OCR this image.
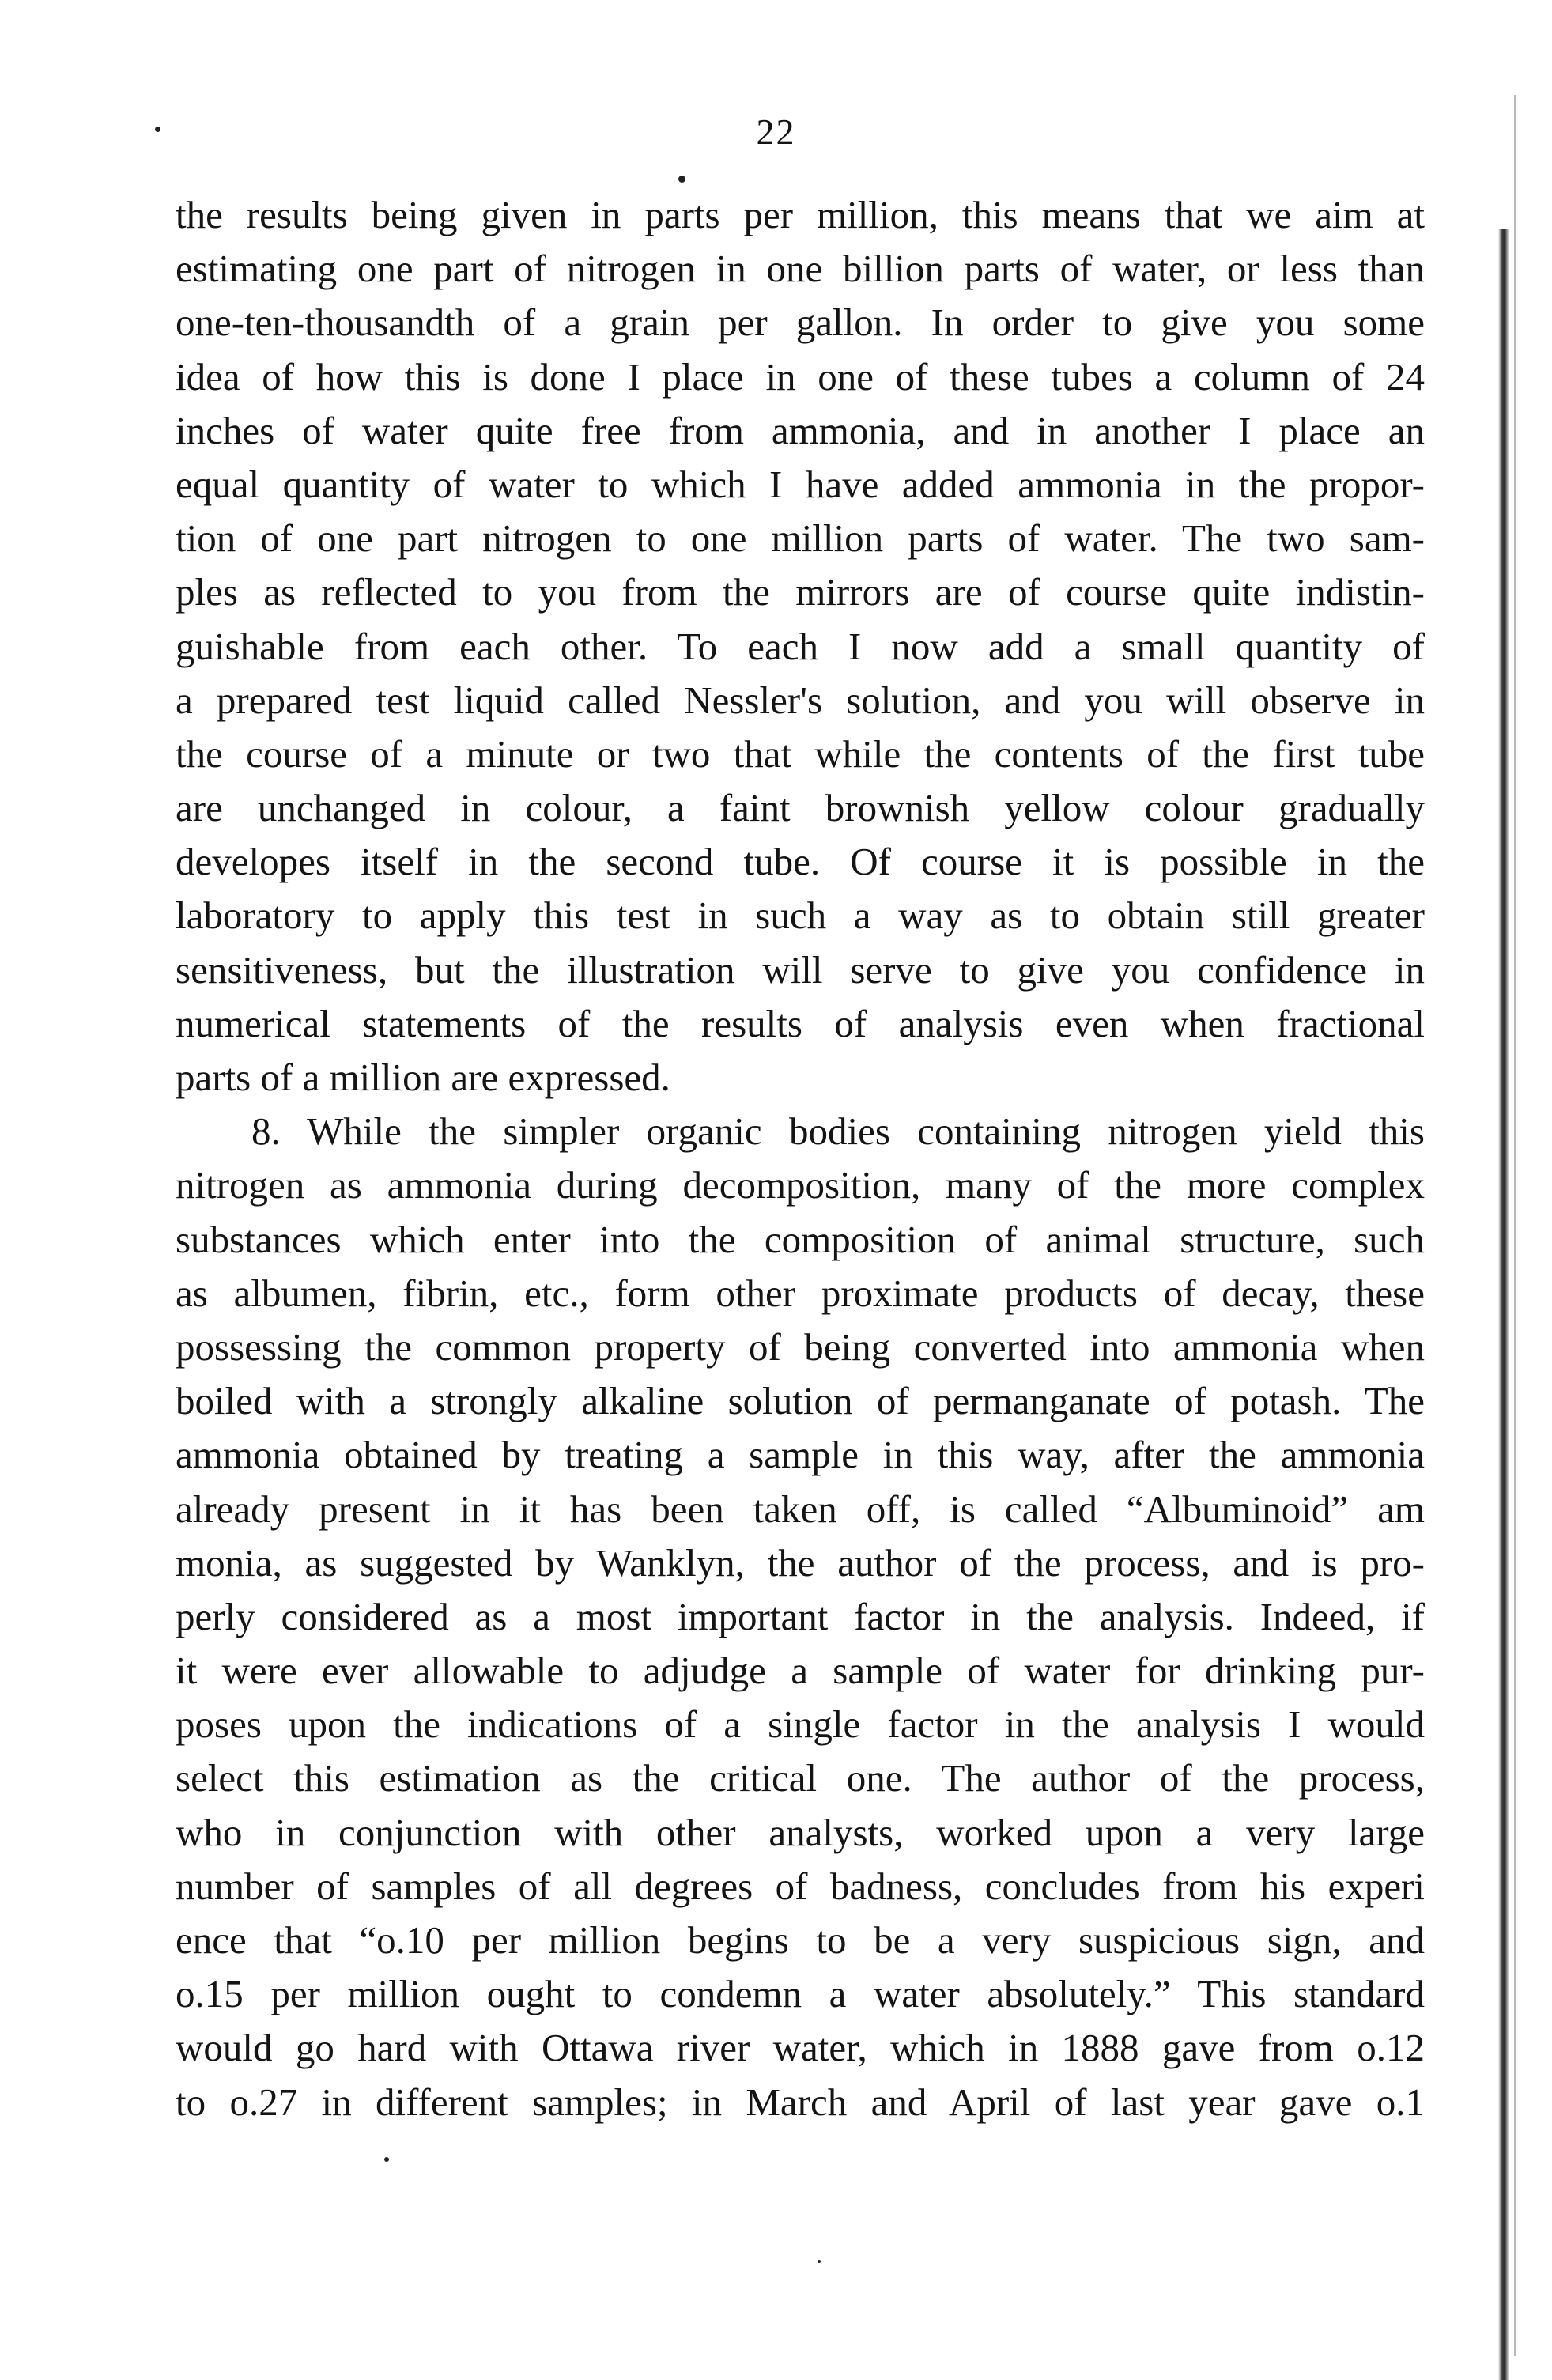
22
the results being given in parts per million, this means that we aim at
estimating one part of nitrogen in one billion parts of water, or less than
one-ten-thousandth of a grain per gallon. In order to give you some
idea of how this is done I place in one of these tubes a column of 24
inches of water quite free from ammonia, and in another I place an
equal quantity of water to which I have added ammonia in the propor-
tion of one part nitrogen to one million parts of water. The two sam-
ples as reflected to you from the mirrors are of course quite indistin-
guishable from each other. To each I now add a small quantity of
a prepared test liquid called Nessler's solution, and you will observe in
the course of a minute or two that while the contents of the first tube
are unchanged in colour, a faint brownish yellow colour gradually
developes itself in the second tube. Of course it is possible in the
laboratory to apply this test in such a way as to obtain still greater
sensitiveness, but the illustration will serve to give you confidence in
numerical statements of the results of analysis even when fractional
parts of a million are expressed.
8. While the simpler organic bodies containing nitrogen yield this
nitrogen as ammonia during decomposition, many of the more complex
substances which enter into the composition of animal structure, such
as albumen, fibrin, etc., form other proximate products of decay, these
possessing the common property of being converted into ammonia when
boiled with a strongly alkaline solution of permanganate of potash. The
ammonia obtained by treating a sample in this way, after the ammonia
already present in it has been taken off, is called “Albuminoid” am
monia, as suggested by Wanklyn, the author of the process, and is pro-
perly considered as a most important factor in the analysis. Indeed, if
it were ever allowable to adjudge a sample of water for drinking pur-
poses upon the indications of a single factor in the analysis I would
select this estimation as the critical one. The author of the process,
who in conjunction with other analysts, worked upon a very large
number of samples of all degrees of badness, concludes from his experi
ence that “o.10 per million begins to be a very suspicious sign, and
o.15 per million ought to condemn a water absolutely.” This standard
would go hard with Ottawa river water, which in 1888 gave from o.12
to o.27 in different samples; in March and April of last year gave o.1
